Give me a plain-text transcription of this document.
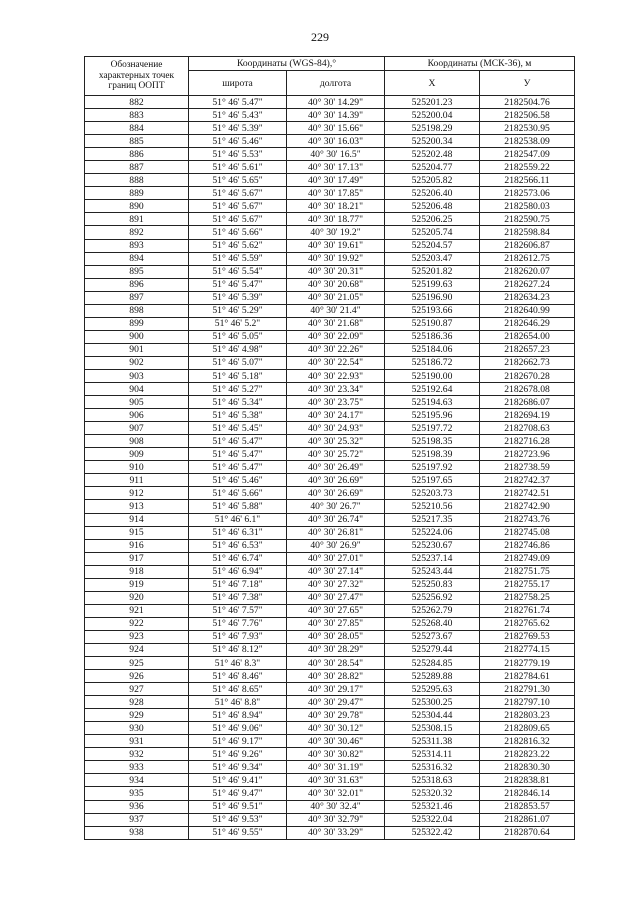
229
Обозначение характерных точек границ ООПТ	Координаты (WGS-84),°		Координаты (МСК-36), м	
	широта	долгота	X	У
882	51° 46' 5.47"	40° 30' 14.29"	525201.23	2182504.76
883	51° 46' 5.43"	40° 30' 14.39"	525200.04	2182506.58
884	51° 46' 5.39"	40° 30' 15.66"	525198.29	2182530.95
885	51° 46' 5.46"	40° 30' 16.03"	525200.34	2182538.09
886	51° 46' 5.53"	40° 30' 16.5"	525202.48	2182547.09
887	51° 46' 5.61"	40° 30' 17.13"	525204.77	2182559.22
888	51° 46' 5.65"	40° 30' 17.49"	525205.82	2182566.11
889	51° 46' 5.67"	40° 30' 17.85"	525206.40	2182573.06
890	51° 46' 5.67"	40° 30' 18.21"	525206.48	2182580.03
891	51° 46' 5.67"	40° 30' 18.77"	525206.25	2182590.75
892	51° 46' 5.66"	40° 30' 19.2"	525205.74	2182598.84
893	51° 46' 5.62"	40° 30' 19.61"	525204.57	2182606.87
894	51° 46' 5.59"	40° 30' 19.92"	525203.47	2182612.75
895	51° 46' 5.54"	40° 30' 20.31"	525201.82	2182620.07
896	51° 46' 5.47"	40° 30' 20.68"	525199.63	2182627.24
897	51° 46' 5.39"	40° 30' 21.05"	525196.90	2182634.23
898	51° 46' 5.29"	40° 30' 21.4"	525193.66	2182640.99
899	51° 46' 5.2"	40° 30' 21.68"	525190.87	2182646.29
900	51° 46' 5.05"	40° 30' 22.09"	525186.36	2182654.00
901	51° 46' 4.98"	40° 30' 22.26"	525184.06	2182657.23
902	51° 46' 5.07"	40° 30' 22.54"	525186.72	2182662.73
903	51° 46' 5.18"	40° 30' 22.93"	525190.00	2182670.28
904	51° 46' 5.27"	40° 30' 23.34"	525192.64	2182678.08
905	51° 46' 5.34"	40° 30' 23.75"	525194.63	2182686.07
906	51° 46' 5.38"	40° 30' 24.17"	525195.96	2182694.19
907	51° 46' 5.45"	40° 30' 24.93"	525197.72	2182708.63
908	51° 46' 5.47"	40° 30' 25.32"	525198.35	2182716.28
909	51° 46' 5.47"	40° 30' 25.72"	525198.39	2182723.96
910	51° 46' 5.47"	40° 30' 26.49"	525197.92	2182738.59
911	51° 46' 5.46"	40° 30' 26.69"	525197.65	2182742.37
912	51° 46' 5.66"	40° 30' 26.69"	525203.73	2182742.51
913	51° 46' 5.88"	40° 30' 26.7"	525210.56	2182742.90
914	51° 46' 6.1"	40° 30' 26.74"	525217.35	2182743.76
915	51° 46' 6.31"	40° 30' 26.81"	525224.06	2182745.08
916	51° 46' 6.53"	40° 30' 26.9"	525230.67	2182746.86
917	51° 46' 6.74"	40° 30' 27.01"	525237.14	2182749.09
918	51° 46' 6.94"	40° 30' 27.14"	525243.44	2182751.75
919	51° 46' 7.18"	40° 30' 27.32"	525250.83	2182755.17
920	51° 46' 7.38"	40° 30' 27.47"	525256.92	2182758.25
921	51° 46' 7.57"	40° 30' 27.65"	525262.79	2182761.74
922	51° 46' 7.76"	40° 30' 27.85"	525268.40	2182765.62
923	51° 46' 7.93"	40° 30' 28.05"	525273.67	2182769.53
924	51° 46' 8.12"	40° 30' 28.29"	525279.44	2182774.15
925	51° 46' 8.3"	40° 30' 28.54"	525284.85	2182779.19
926	51° 46' 8.46"	40° 30' 28.82"	525289.88	2182784.61
927	51° 46' 8.65"	40° 30' 29.17"	525295.63	2182791.30
928	51° 46' 8.8"	40° 30' 29.47"	525300.25	2182797.10
929	51° 46' 8.94"	40° 30' 29.78"	525304.44	2182803.23
930	51° 46' 9.06"	40° 30' 30.12"	525308.15	2182809.65
931	51° 46' 9.17"	40° 30' 30.46"	525311.38	2182816.32
932	51° 46' 9.26"	40° 30' 30.82"	525314.11	2182823.22
933	51° 46' 9.34"	40° 30' 31.19"	525316.32	2182830.30
934	51° 46' 9.41"	40° 30' 31.63"	525318.63	2182838.81
935	51° 46' 9.47"	40° 30' 32.01"	525320.32	2182846.14
936	51° 46' 9.51"	40° 30' 32.4"	525321.46	2182853.57
937	51° 46' 9.53"	40° 30' 32.79"	525322.04	2182861.07
938	51° 46' 9.55"	40° 30' 33.29"	525322.42	2182870.64
